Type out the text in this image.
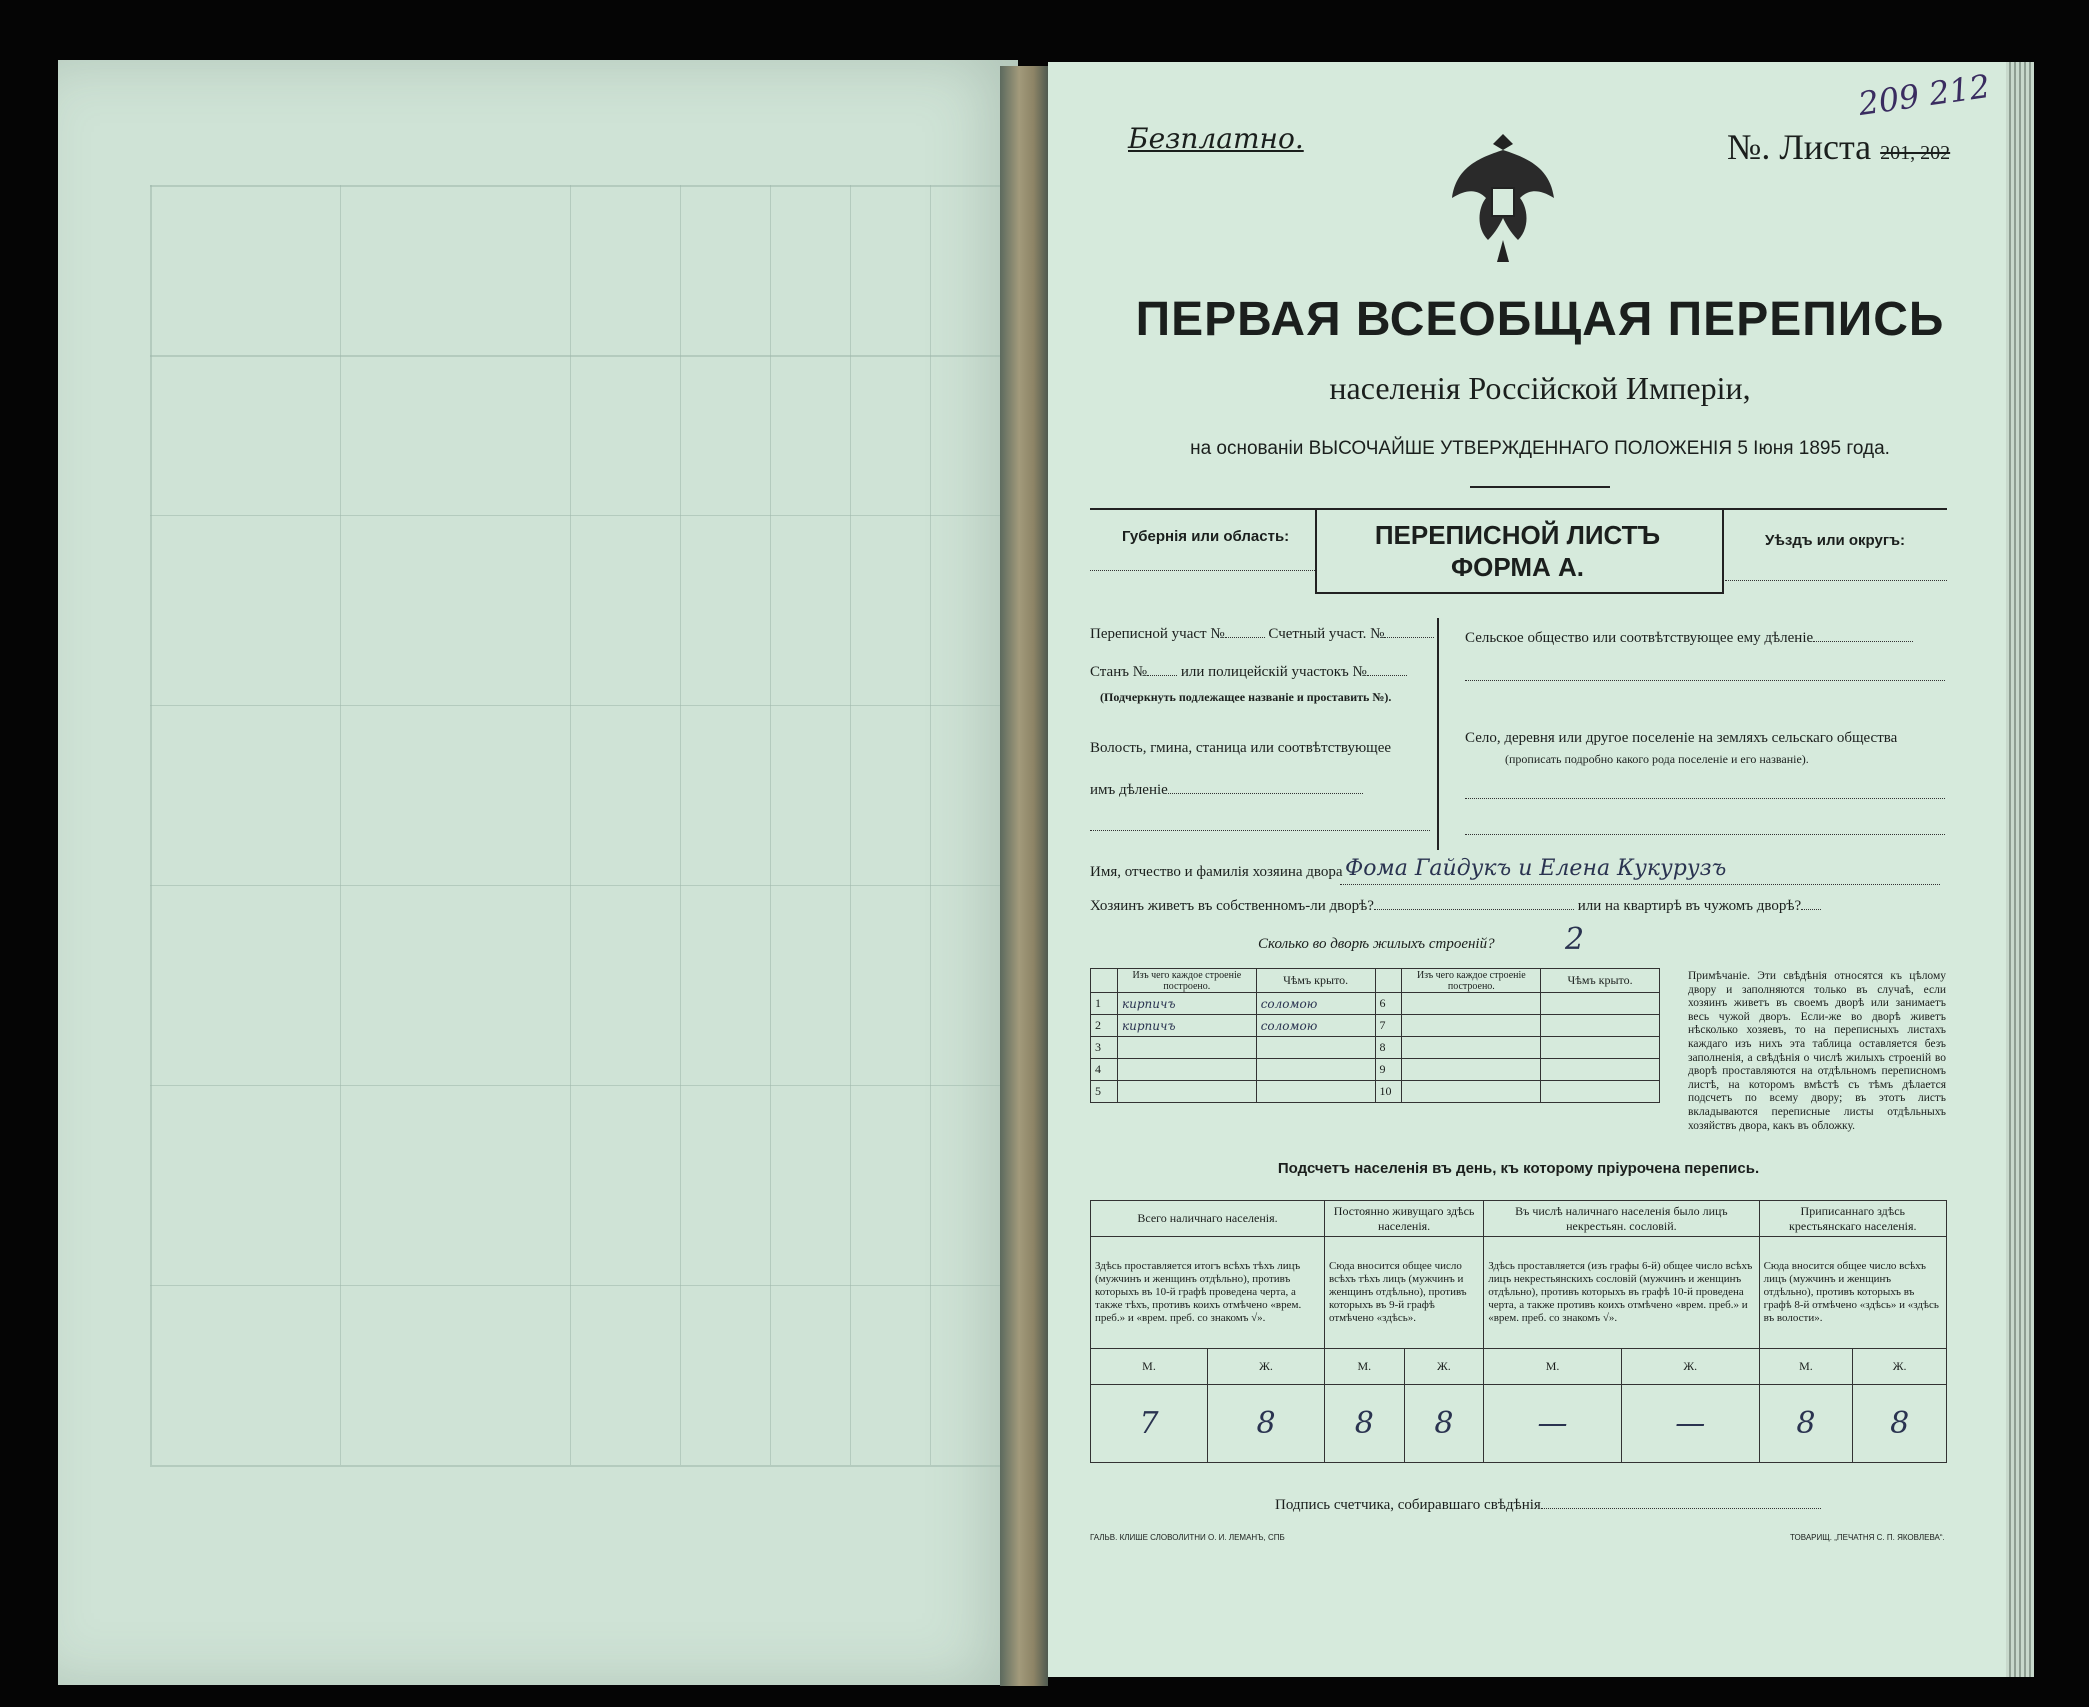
Безплатно.	№. Листа 201, 202
209 212
ПЕРВАЯ ВСЕОБЩАЯ ПЕРЕПИСЬ
населенія Россійской Имперіи,
на основаніи ВЫСОЧАЙШЕ УТВЕРЖДЕННАГО ПОЛОЖЕНІЯ 5 Іюня 1895 года.
Губернія или область:	ПЕРЕПИСНОЙ ЛИСТЪ
ФОРМА А.
Уѣздъ или округъ:
Переписной участ №	Счетный участ. №
Станъ № или полицейскій участокъ №
(Подчеркнуть подлежащее названіе и проставить №).
Волость, гмина, станица или соотвѣтствующее
имъ дѣленіе
Сельское общество или соотвѣтствующее ему дѣленіе
Село, деревня или другое поселеніе на земляхъ сельскаго общества
(прописать подробно какого рода поселеніе и его названіе).
Имя, отчество и фамилія хозяина двора Фома Гайдукъ и Елена Кукурузъ
Хозяинъ живетъ въ собственномъ-ли дворѣ?	или на квартирѣ въ чужомъ дворѣ?
Сколько во дворѣ жилыхъ строеній? 2
	Изъ чего каждое строеніе построено.	Чѣмъ крыто.		Изъ чего каждое строеніе построено.	Чѣмъ крыто.
1	кирпичъ	соломою	6		
2	кирпичъ	соломою	7		
3			8		
4			9		
5			10		
Примѣчаніе. Эти свѣдѣнія относятся къ цѣлому двору и заполняются только въ случаѣ, если хозяинъ живетъ въ своемъ дворѣ или занимаетъ весь чужой дворъ. Если-же во дворѣ живетъ нѣсколько хозяевъ, то на переписныхъ листахъ каждаго изъ нихъ эта таблица оставляется безъ заполненія, а свѣдѣнія о числѣ жилыхъ строеній во дворѣ проставляются на отдѣльномъ переписномъ листѣ, на которомъ вмѣстѣ съ тѣмъ дѣлается подсчетъ по всему двору; въ этотъ листъ вкладываются переписные листы отдѣльныхъ хозяйствъ двора, какъ въ обложку.
Подсчетъ населенія въ день, къ которому пріурочена перепись.
Всего наличнаго населенія.		Постоянно живущаго здѣсь населенія.		Въ числѣ наличнаго населенія было лицъ некрестьян. сословій.		Приписаннаго здѣсь крестьянскаго населенія.	
Здѣсь проставляется итогъ всѣхъ тѣхъ лицъ (мужчинъ и женщинъ отдѣльно), противъ которыхъ въ 10-й графѣ проведена черта, а также тѣхъ, противъ коихъ отмѣчено «врем. преб.» и «врем. преб. со знакомъ √».		Сюда вносится общее число всѣхъ тѣхъ лицъ (мужчинъ и женщинъ отдѣльно), противъ которыхъ въ 9-й графѣ отмѣчено «здѣсь».		Здѣсь проставляется (изъ графы 6-й) общее число всѣхъ лицъ некрестьянскихъ сословій (мужчинъ и женщинъ отдѣльно), противъ которыхъ въ графѣ 10-й проведена черта, а также противъ коихъ отмѣчено «врем. преб.» и «врем. преб. со знакомъ √».		Сюда вносится общее число всѣхъ лицъ (мужчинъ и женщинъ отдѣльно), противъ которыхъ въ графѣ 8-й отмѣчено «здѣсь» и «здѣсь въ волости».	
М.	Ж.	М.	Ж.	М.	Ж.	М.	Ж.
7	8	8	8	—	—	8	8
Подпись счетчика, собиравшаго свѣдѣнія
ГАЛЬВ. КЛИШЕ СЛОВОЛИТНИ О. И. ЛЕМАНЪ, СПБ	ТОВАРИЩ. „ПЕЧАТНЯ С. П. ЯКОВЛЕВА“.
